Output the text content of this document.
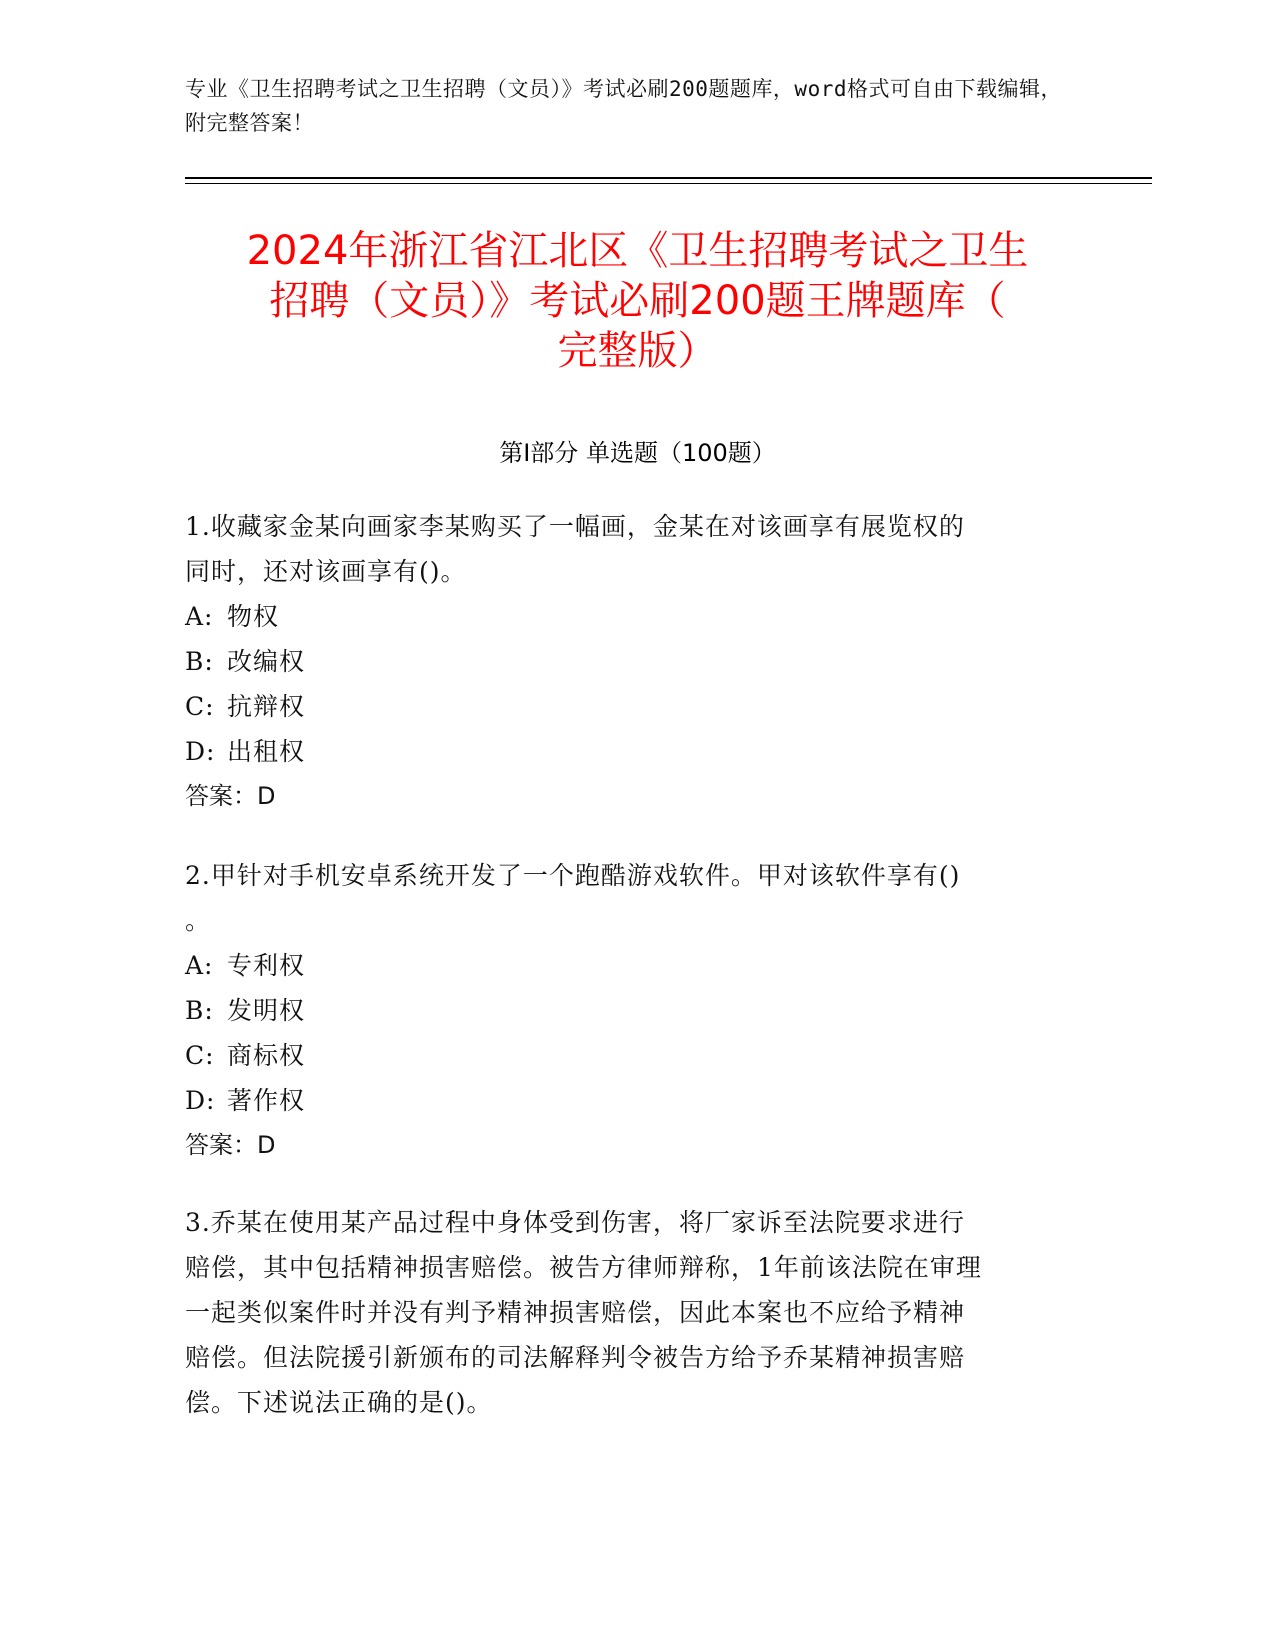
专业《卫生招聘考试之卫生招聘（文员）》考试必刷200题题库，word格式可自由下载编辑，附完整答案！
2024年浙江省江北区《卫生招聘考试之卫生
招聘（文员）》考试必刷200题王牌题库（
完整版）
第I部分 单选题（100题）

1.收藏家金某向画家李某购买了一幅画，金某在对该画享有展览权的

同时，还对该画享有()。

A: 物权

B: 改编权

C: 抗辩权

D: 出租权

答案：D

2.甲针对手机安卓系统开发了一个跑酷游戏软件。甲对该软件享有()

。

A: 专利权

B: 发明权

C: 商标权

D: 著作权

答案：D

3.乔某在使用某产品过程中身体受到伤害，将厂家诉至法院要求进行

赔偿，其中包括精神损害赔偿。被告方律师辩称，1年前该法院在审理

一起类似案件时并没有判予精神损害赔偿，因此本案也不应给予精神

赔偿。但法院援引新颁布的司法解释判令被告方给予乔某精神损害赔

偿。下述说法正确的是()。
